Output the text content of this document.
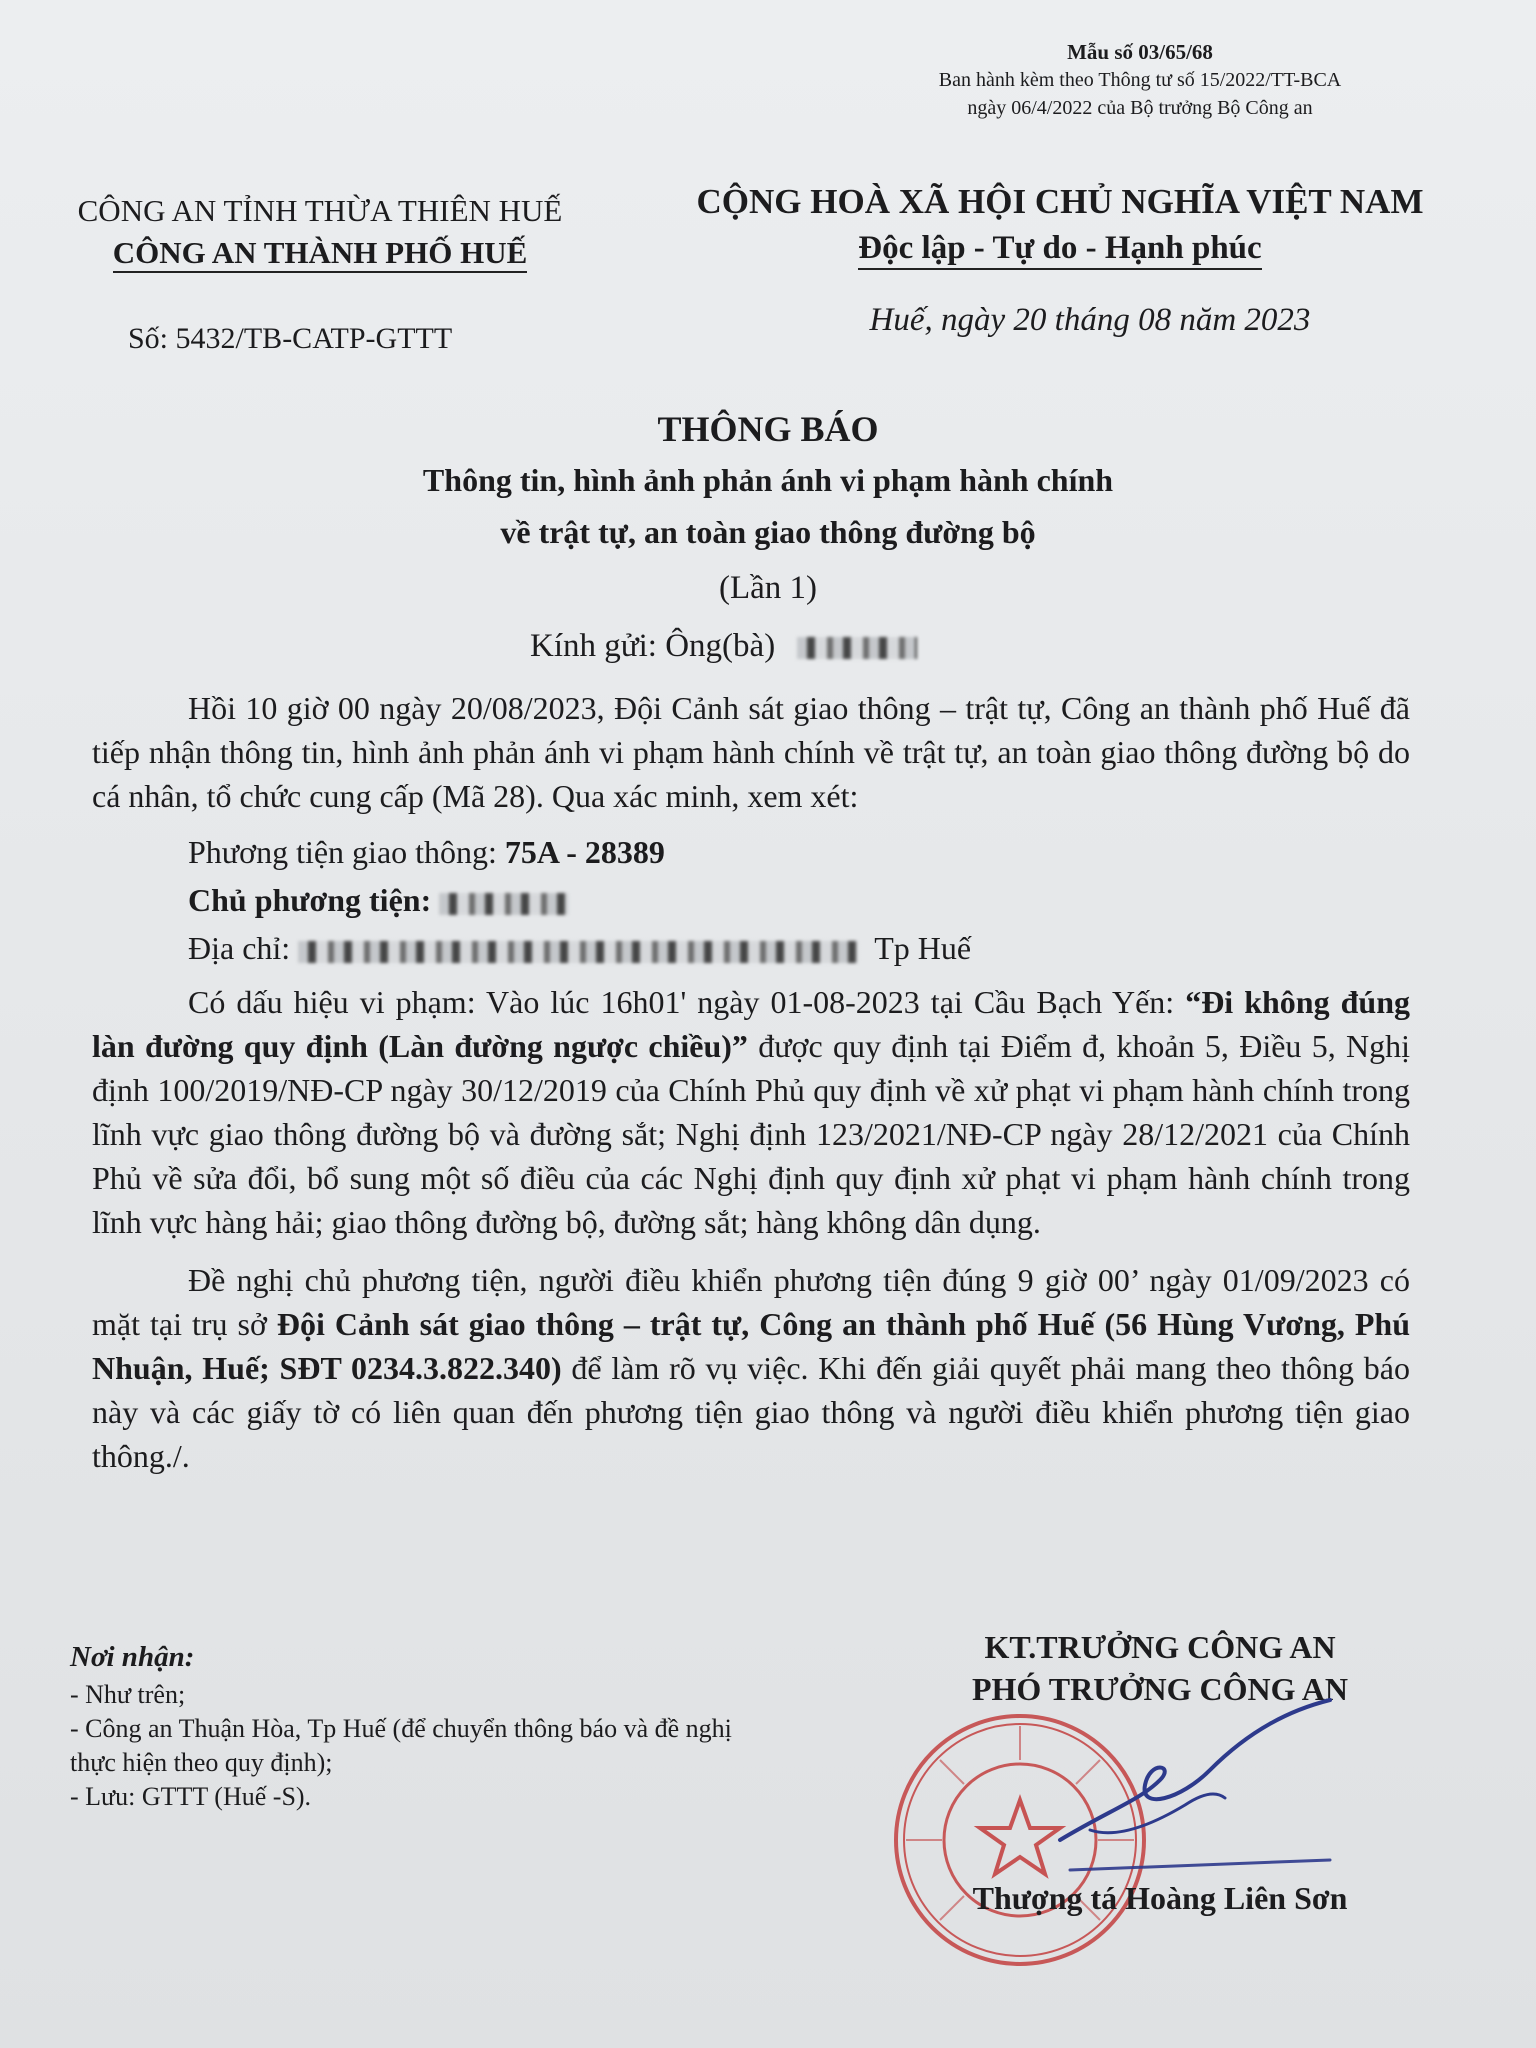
Mẫu số 03/65/68
Ban hành kèm theo Thông tư số 15/2022/TT-BCA
ngày 06/4/2022 của Bộ trưởng Bộ Công an
CÔNG AN TỈNH THỪA THIÊN HUẾ
CÔNG AN THÀNH PHỐ HUẾ
CỘNG HOÀ XÃ HỘI CHỦ NGHĨA VIỆT NAM
Độc lập - Tự do - Hạnh phúc
Số: 5432/TB-CATP-GTTT
Huế, ngày 20 tháng 08 năm 2023
THÔNG BÁO
Thông tin, hình ảnh phản ánh vi phạm hành chính
về trật tự, an toàn giao thông đường bộ
(Lần 1)
Kính gửi: Ông(bà)

Hồi 10 giờ 00 ngày 20/08/2023, Đội Cảnh sát giao thông – trật tự, Công an thành phố Huế đã tiếp nhận thông tin, hình ảnh phản ánh vi phạm hành chính về trật tự, an toàn giao thông đường bộ do cá nhân, tổ chức cung cấp (Mã 28). Qua xác minh, xem xét:

Phương tiện giao thông: 75A - 28389

Chủ phương tiện:

Địa chỉ:	Tp Huế

Có dấu hiệu vi phạm: Vào lúc 16h01' ngày 01-08-2023 tại Cầu Bạch Yến: “Đi không đúng làn đường quy định (Làn đường ngược chiều)” được quy định tại Điểm đ, khoản 5, Điều 5, Nghị định 100/2019/NĐ-CP ngày 30/12/2019 của Chính Phủ quy định về xử phạt vi phạm hành chính trong lĩnh vực giao thông đường bộ và đường sắt; Nghị định 123/2021/NĐ-CP ngày 28/12/2021 của Chính Phủ về sửa đổi, bổ sung một số điều của các Nghị định quy định xử phạt vi phạm hành chính trong lĩnh vực hàng hải; giao thông đường bộ, đường sắt; hàng không dân dụng.

Đề nghị chủ phương tiện, người điều khiển phương tiện đúng 9 giờ 00’ ngày 01/09/2023 có mặt tại trụ sở Đội Cảnh sát giao thông – trật tự, Công an thành phố Huế (56 Hùng Vương, Phú Nhuận, Huế; SĐT 0234.3.822.340) để làm rõ vụ việc. Khi đến giải quyết phải mang theo thông báo này và các giấy tờ có liên quan đến phương tiện giao thông và người điều khiển phương tiện giao thông./.

Nơi nhận:
- Như trên;
- Công an Thuận Hòa, Tp Huế (để chuyển thông báo và đề nghị thực hiện theo quy định);
- Lưu: GTTT (Huế -S).
KT.TRƯỞNG CÔNG AN
PHÓ TRƯỞNG CÔNG AN
Thượng tá Hoàng Liên Sơn
